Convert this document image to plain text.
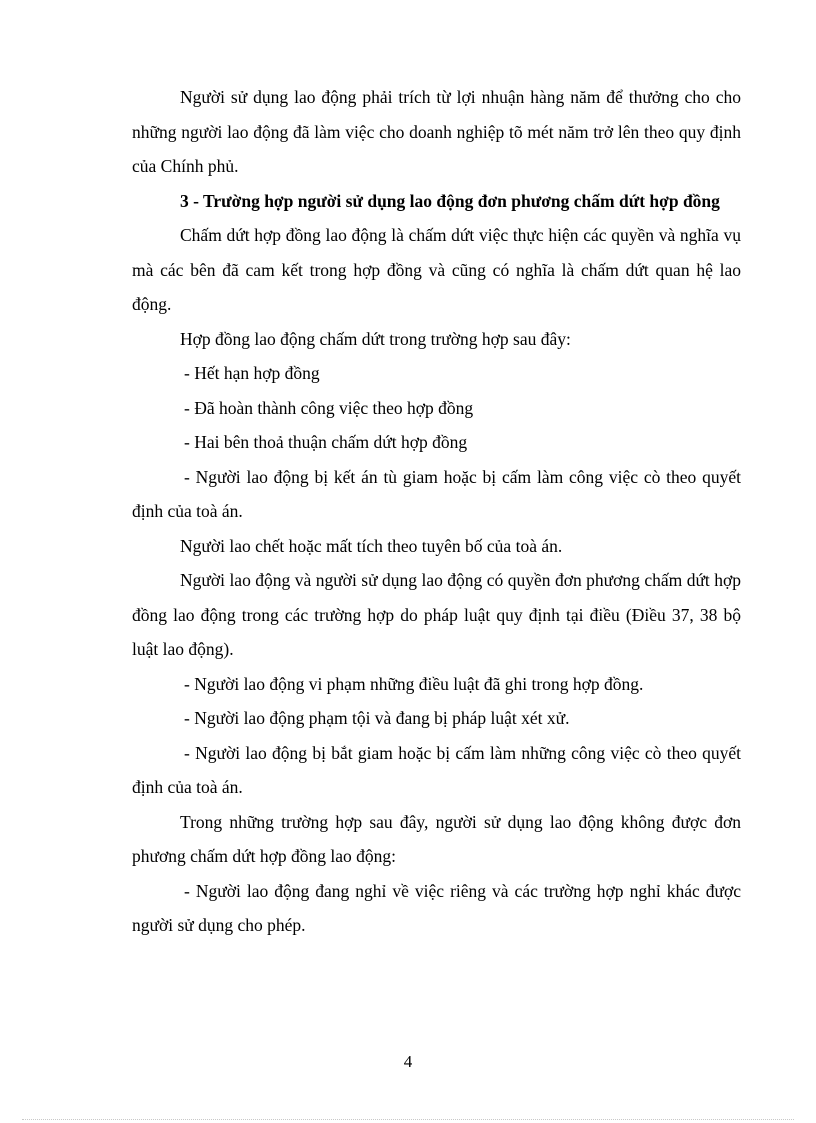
Người sử dụng lao động phải trích từ lợi nhuận hàng năm để thưởng cho cho những người lao động đã làm việc cho doanh nghiệp tõ mét năm trở lên theo quy định của Chính phủ.

3 - Trường hợp người sử dụng lao động đơn phương chấm dứt hợp đồng

Chấm dứt hợp đồng lao động là chấm dứt việc thực hiện các quyền và nghĩa vụ mà các bên đã cam kết trong hợp đồng và cũng có nghĩa là chấm dứt quan hệ lao động.

Hợp đồng lao động chấm dứt trong trường hợp sau đây:

- Hết hạn hợp đồng

- Đã hoàn thành công việc theo hợp đồng

- Hai bên thoả thuận chấm dứt hợp đồng

- Người lao động bị kết án tù giam hoặc bị cấm làm công việc cò theo quyết định của toà án.

Người lao chết hoặc mất tích theo tuyên bố của toà án.

Người lao động và người sử dụng lao động có quyền đơn phương chấm dứt hợp đồng lao động trong các trường hợp do pháp luật quy định tại điều (Điều 37, 38 bộ luật lao động).

- Người lao động vi phạm những điều luật đã ghi trong hợp đồng.

- Người lao động phạm tội và đang bị pháp luật xét xử.

- Người lao động bị bắt giam hoặc bị cấm làm những công việc cò theo quyết định của toà án.

Trong những trường hợp sau đây, người sử dụng lao động không được đơn phương chấm dứt hợp đồng lao động:

- Người lao động đang nghỉ về việc riêng và các trường hợp nghỉ khác được người sử dụng cho phép.

4
